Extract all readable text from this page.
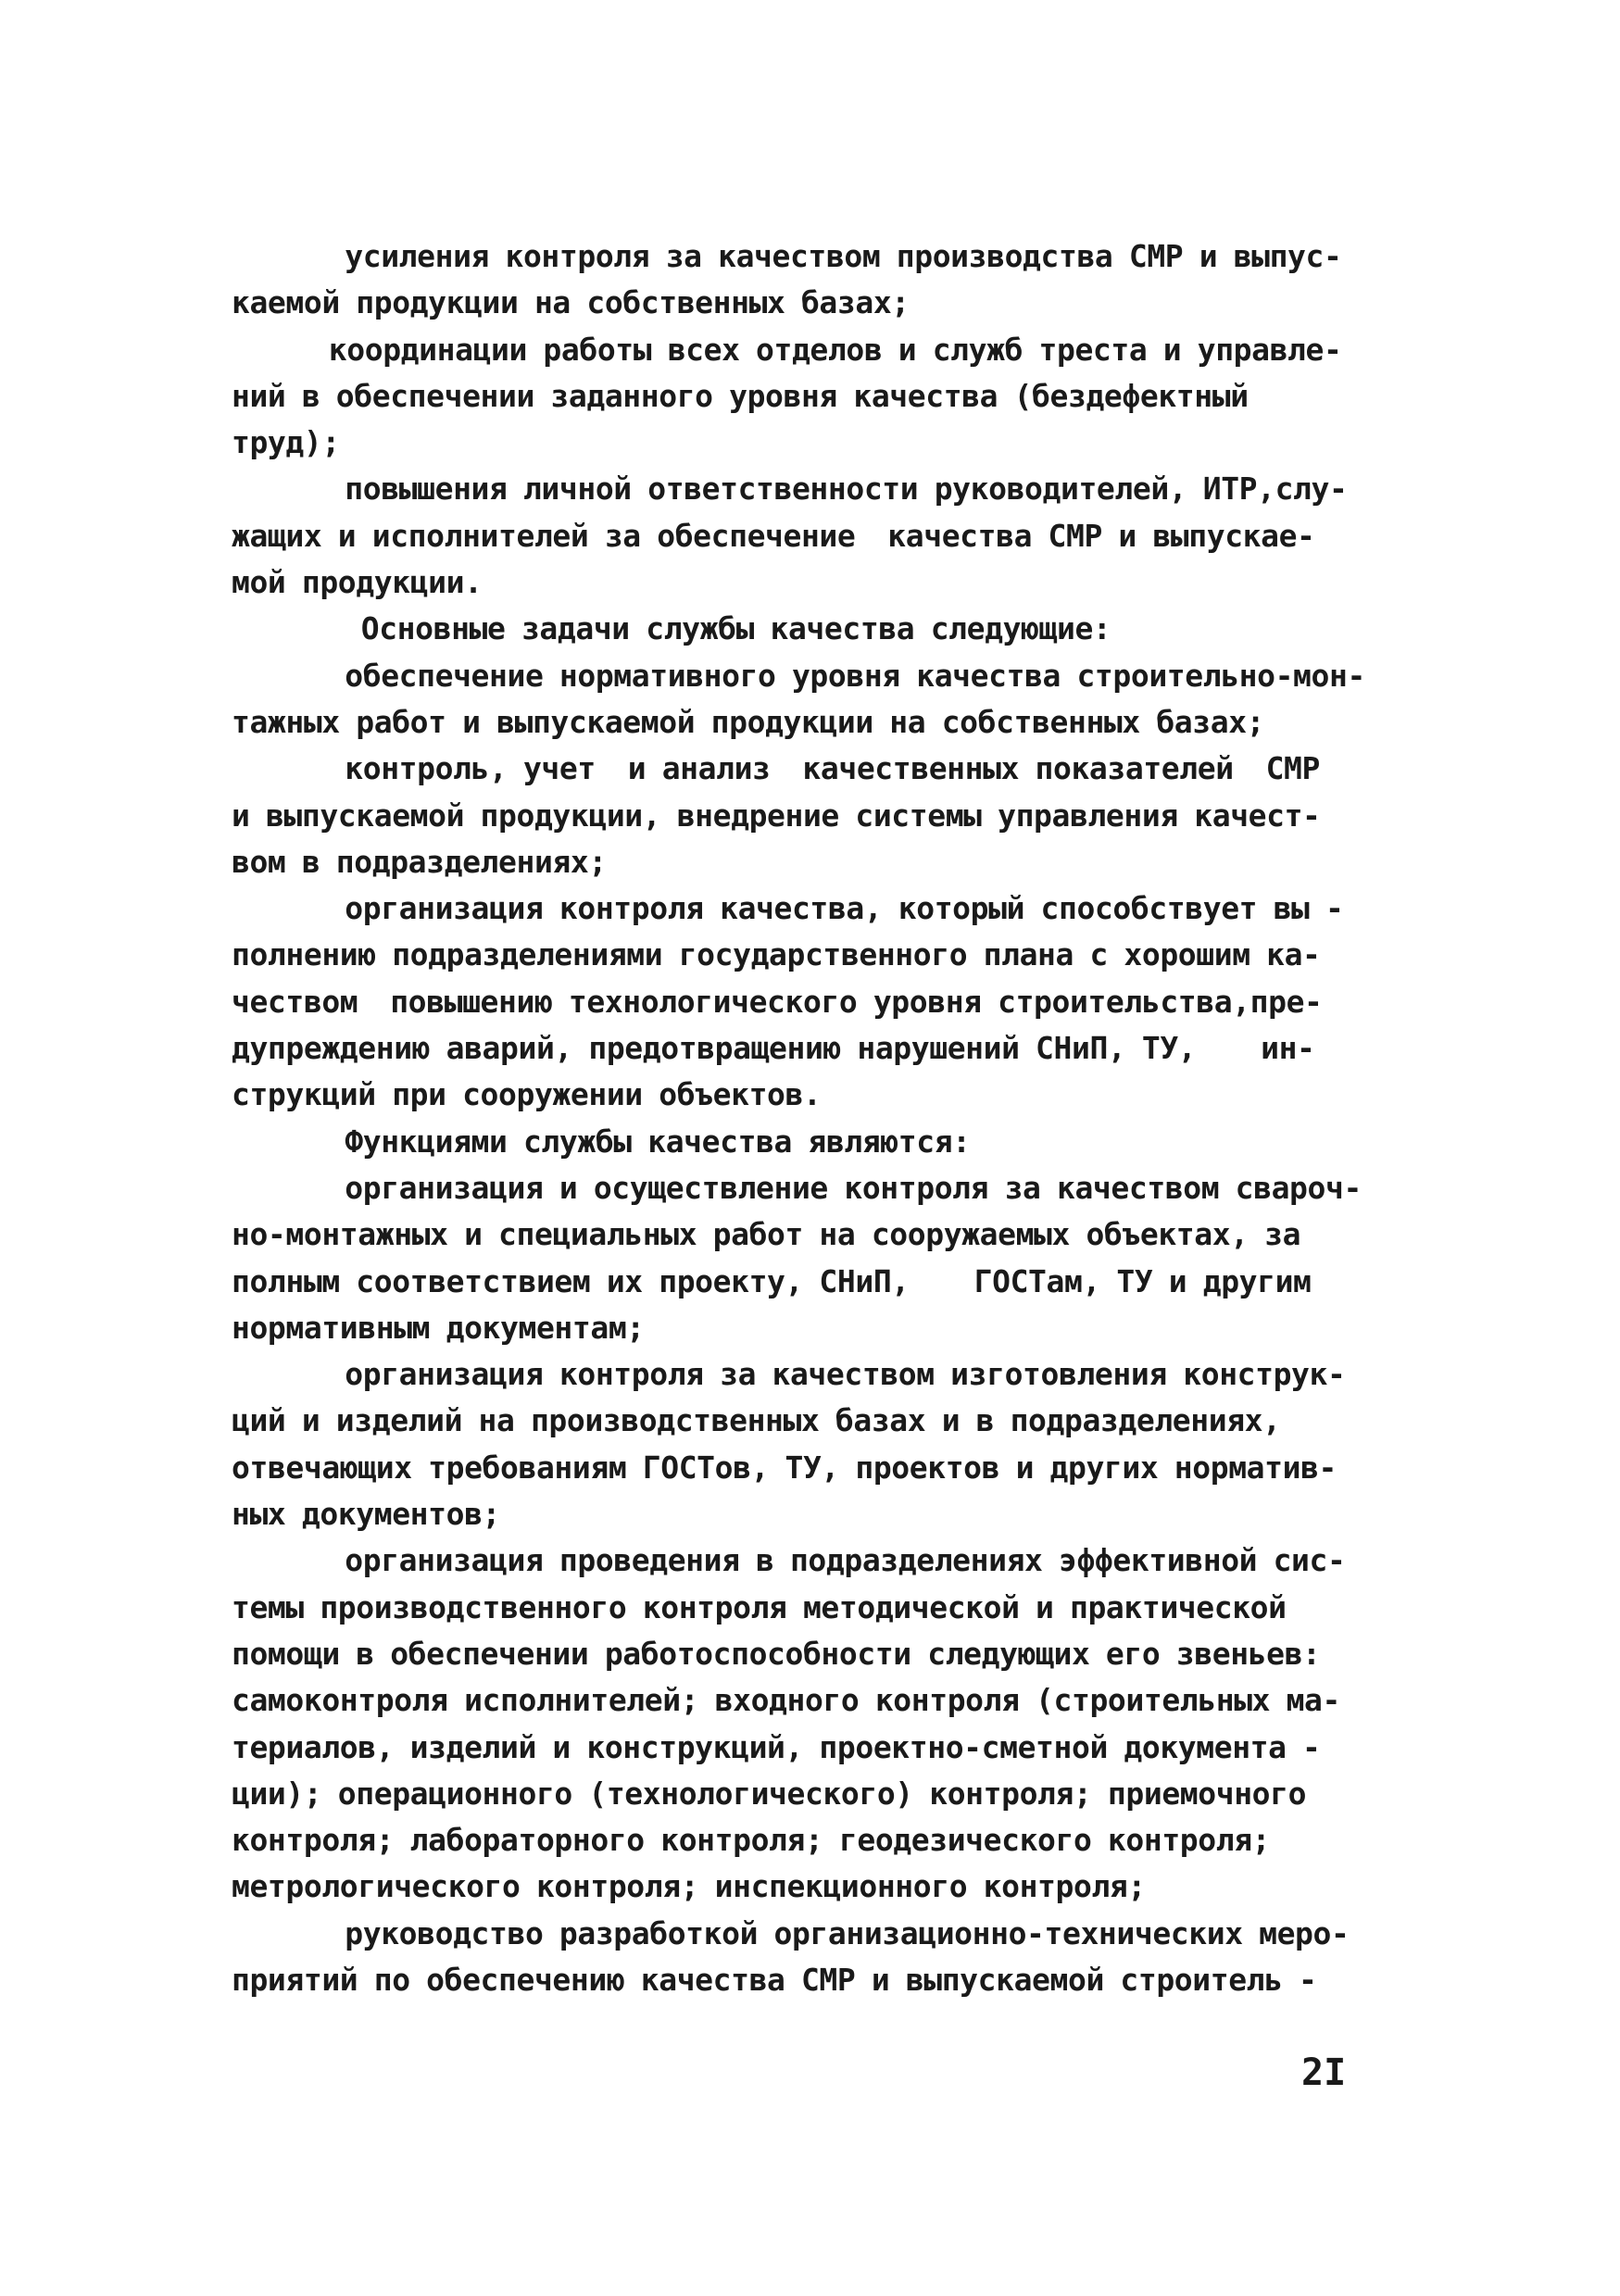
усиления контроля за качеством производства СМР и выпус-
каемой продукции на собственных базах;
координации работы всех отделов и служб треста и управле-
ний в обеспечении заданного уровня качества (бездефектный
труд);
повышения личной ответственности руководителей, ИТР,слу-
жащих и исполнителей за обеспечение  качества СМР и выпускае-
мой продукции.
Основные задачи службы качества следующие:
обеспечение нормативного уровня качества строительно-мон-
тажных работ и выпускаемой продукции на собственных базах;
контроль, учет  и анализ  качественных показателей  СМР
и выпускаемой продукции, внедрение системы управления качест-
вом в подразделениях;
организация контроля качества, который способствует вы -
полнению подразделениями государственного плана с хорошим ка-
чеством  повышению технологического уровня строительства,пре-
дупреждению аварий, предотвращению нарушений СНиП, ТУ,    ин-
струкций при сооружении объектов.
Функциями службы качества являются:
организация и осуществление контроля за качеством свароч-
но-монтажных и специальных работ на сооружаемых объектах, за
полным соответствием их проекту, СНиП,    ГОСТам, ТУ и другим
нормативным документам;
организация контроля за качеством изготовления конструк-
ций и изделий на производственных базах и в подразделениях,
отвечающих требованиям ГОСТов, ТУ, проектов и других норматив-
ных документов;
организация проведения в подразделениях эффективной сис-
темы производственного контроля методической и практической
помощи в обеспечении работоспособности следующих его звеньев:
самоконтроля исполнителей; входного контроля (строительных ма-
териалов, изделий и конструкций, проектно-сметной документа -
ции); операционного (технологического) контроля; приемочного
контроля; лабораторного контроля; геодезического контроля;
метрологического контроля; инспекционного контроля;
руководство разработкой организационно-технических меро-
приятий по обеспечению качества СМР и выпускаемой строитель -
2I
